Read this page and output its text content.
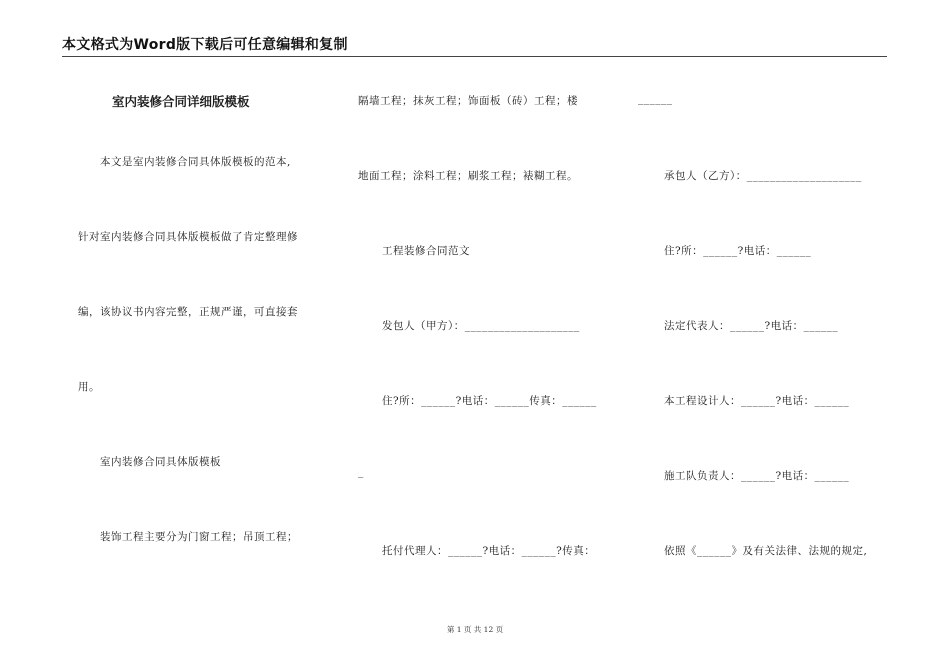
本文格式为Word版下载后可任意编辑和复制
室内装修合同详细版模板
本文是室内装修合同具体版模板的范本,
针对室内装修合同具体版模板做了肯定整理修
编，该协议书内容完整，正规严谨，可直接套
用。
室内装修合同具体版模板
装饰工程主要分为门窗工程；吊顶工程；
隔墙工程；抹灰工程；饰面板（砖）工程；楼
地面工程；涂料工程；刷浆工程；裱糊工程。
工程装修合同范文
发包人（甲方）：____________________
住?所：______?电话：______传真：______
_
托付代理人：______?电话：______?传真：
______
承包人（乙方）：____________________
住?所：______?电话：______
法定代表人：______?电话：______
本工程设计人：______?电话：______
施工队负责人：______?电话：______
依照《______》及有关法律、法规的规定,
第 1 页 共 12 页
